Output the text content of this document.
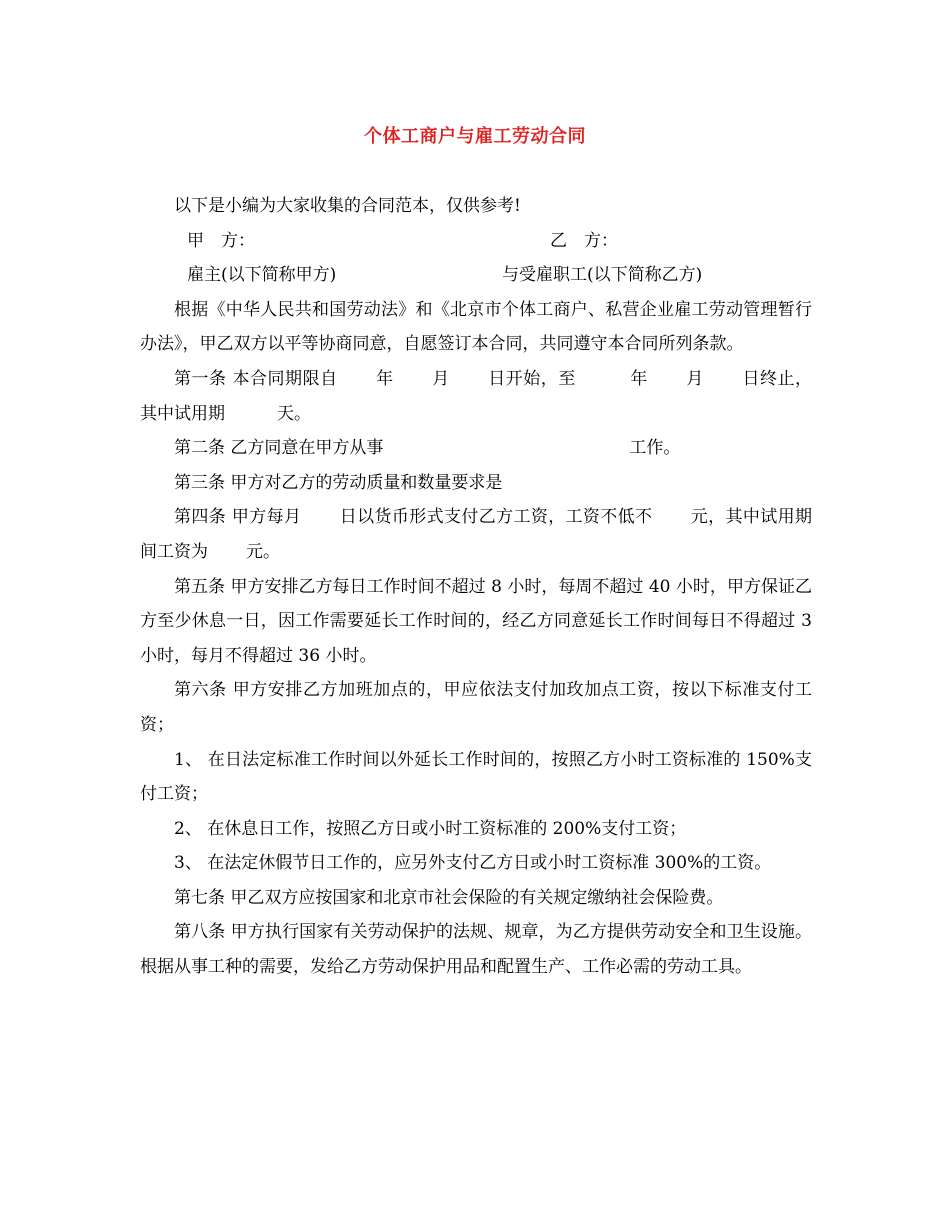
个体工商户与雇工劳动合同

以下是小编为大家收集的合同范本，仅供参考!

甲　方：	乙　方：
雇主(以下简称甲方)	与受雇职工(以下简称乙方)

根据《中华人民共和国劳动法》和《北京市个体工商户、私营企业雇工劳动管理暂行办法》，甲乙双方以平等协商同意，自愿签订本合同，共同遵守本合同所列条款。

第一条 本合同期限自 年 月 日开始，至	年 月 日终止，其中试用期	天。

第二条 乙方同意在甲方从事	工作。

第三条 甲方对乙方的劳动质量和数量要求是

第四条 甲方每月 日以货币形式支付乙方工资，工资不低不 元，其中试用期间工资为 元。

第五条 甲方安排乙方每日工作时间不超过 8 小时，每周不超过 40 小时，甲方保证乙方至少休息一日，因工作需要延长工作时间的，经乙方同意延长工作时间每日不得超过 3 小时，每月不得超过 36 小时。

第六条 甲方安排乙方加班加点的，甲应依法支付加玫加点工资，按以下标准支付工资；

1、 在日法定标准工作时间以外延长工作时间的，按照乙方小时工资标准的 150%支付工资；

2、 在休息日工作，按照乙方日或小时工资标准的 200%支付工资；

3、 在法定休假节日工作的，应另外支付乙方日或小时工资标准 300%的工资。

第七条 甲乙双方应按国家和北京市社会保险的有关规定缴纳社会保险费。

第八条 甲方执行国家有关劳动保护的法规、规章，为乙方提供劳动安全和卫生设施。根据从事工种的需要，发给乙方劳动保护用品和配置生产、工作必需的劳动工具。
